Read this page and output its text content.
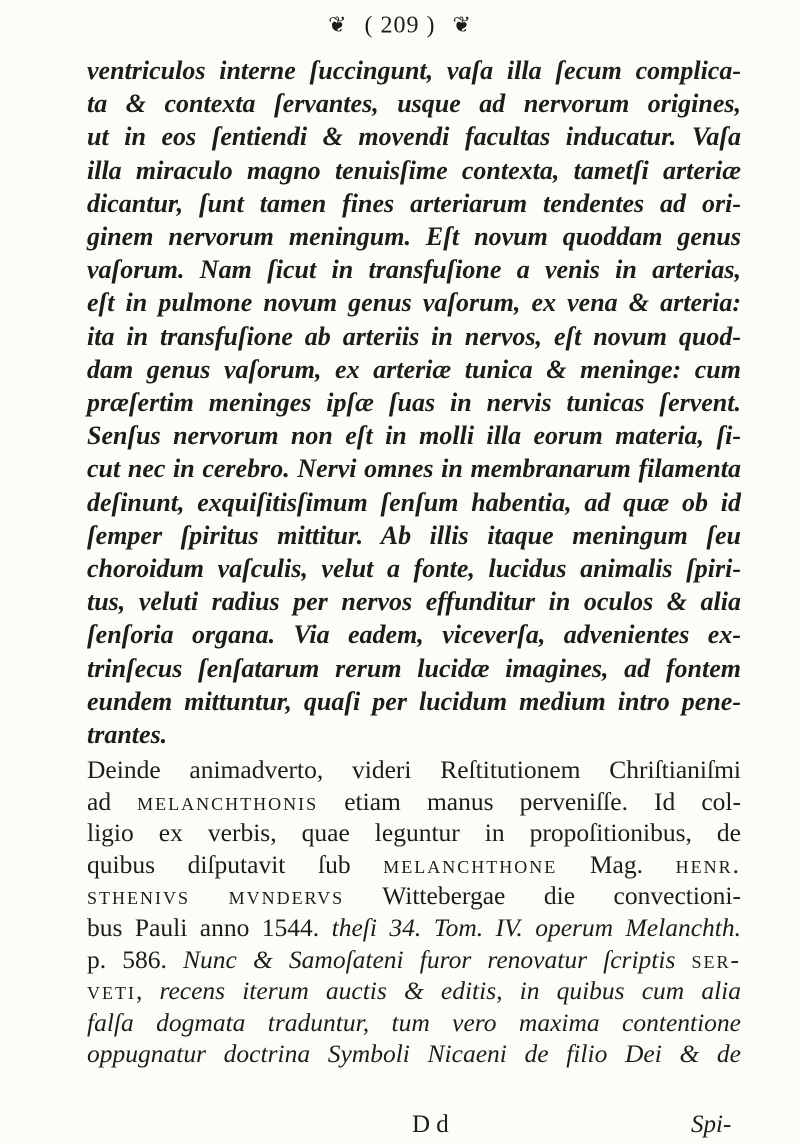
❦ ( 209 ) ❦
ventriculos interne ſuccingunt, vaſa illa ſecum complica-
ta & contexta ſervantes, usque ad nervorum origines,
ut in eos ſentiendi & movendi facultas inducatur. Vaſa
illa miraculo magno tenuisſime contexta, tametſi arteriæ
dicantur, ſunt tamen fines arteriarum tendentes ad ori-
ginem nervorum meningum. Eſt novum quoddam genus
vaſorum. Nam ſicut in transfuſione a venis in arterias,
eſt in pulmone novum genus vaſorum, ex vena & arteria:
ita in transfuſione ab arteriis in nervos, eſt novum quod-
dam genus vaſorum, ex arteriæ tunica & meninge: cum
præſertim meninges ipſæ ſuas in nervis tunicas ſervent.
Senſus nervorum non eſt in molli illa eorum materia, ſi-
cut nec in cerebro. Nervi omnes in membranarum filamenta
deſinunt, exquiſitisſimum ſenſum habentia, ad quæ ob id
ſemper ſpiritus mittitur. Ab illis itaque meningum ſeu
choroidum vaſculis, velut a fonte, lucidus animalis ſpiri-
tus, veluti radius per nervos effunditur in oculos & alia
ſenſoria organa. Via eadem, viceverſa, advenientes ex-
trinſecus ſenſatarum rerum lucidæ imagines, ad fontem
eundem mittuntur, quaſi per lucidum medium intro pene-
trantes.
Deinde animadverto, videri Reſtitutionem Chriſtianiſmi
ad melanchthonis etiam manus perveniſſe. Id col-
ligio ex verbis, quae leguntur in propoſitionibus, de
quibus diſputavit ſub melanchthone Mag. henr.
sthenivs mvndervs Wittebergae die convectioni-
bus Pauli anno 1544. theſi 34. Tom. IV. operum Melanchth.
p. 586. Nunc & Samoſateni furor renovatur ſcriptis ser-
veti, recens iterum auctis & editis, in quibus cum alia
falſa dogmata traduntur, tum vero maxima contentione
oppugnatur doctrina Symboli Nicaeni de filio Dei & de
D d	Spi-
